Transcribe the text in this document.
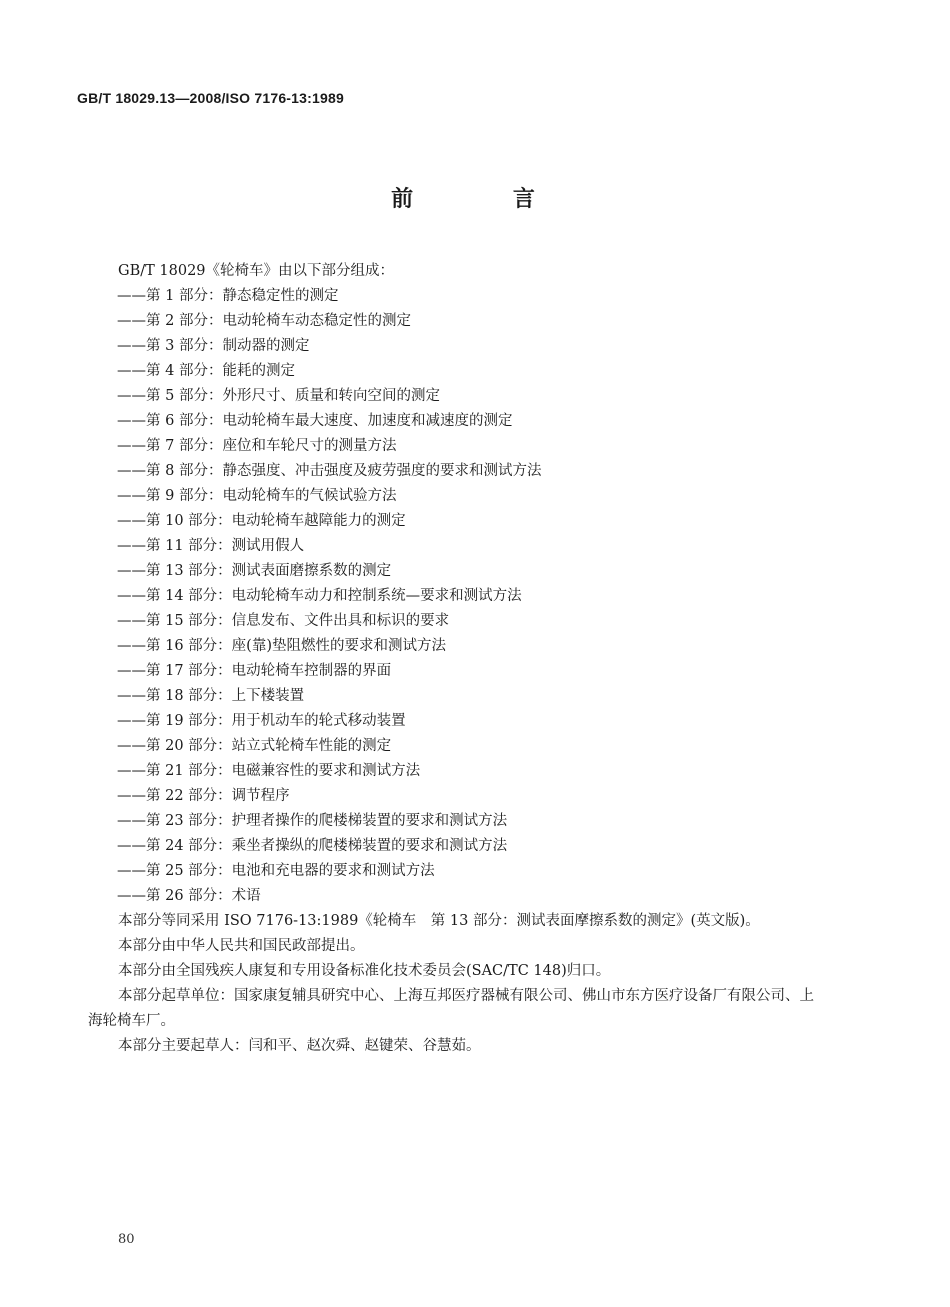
GB/T 18029.13—2008/ISO 7176-13:1989
前 言
GB/T 18029《轮椅车》由以下部分组成：
——第 1 部分：静态稳定性的测定
——第 2 部分：电动轮椅车动态稳定性的测定
——第 3 部分：制动器的测定
——第 4 部分：能耗的测定
——第 5 部分：外形尺寸、质量和转向空间的测定
——第 6 部分：电动轮椅车最大速度、加速度和减速度的测定
——第 7 部分：座位和车轮尺寸的测量方法
——第 8 部分：静态强度、冲击强度及疲劳强度的要求和测试方法
——第 9 部分：电动轮椅车的气候试验方法
——第 10 部分：电动轮椅车越障能力的测定
——第 11 部分：测试用假人
——第 13 部分：测试表面磨擦系数的测定
——第 14 部分：电动轮椅车动力和控制系统—要求和测试方法
——第 15 部分：信息发布、文件出具和标识的要求
——第 16 部分：座(靠)垫阻燃性的要求和测试方法
——第 17 部分：电动轮椅车控制器的界面
——第 18 部分：上下楼装置
——第 19 部分：用于机动车的轮式移动装置
——第 20 部分：站立式轮椅车性能的测定
——第 21 部分：电磁兼容性的要求和测试方法
——第 22 部分：调节程序
——第 23 部分：护理者操作的爬楼梯装置的要求和测试方法
——第 24 部分：乘坐者操纵的爬楼梯装置的要求和测试方法
——第 25 部分：电池和充电器的要求和测试方法
——第 26 部分：术语
本部分等同采用 ISO 7176-13:1989《轮椅车　第 13 部分：测试表面摩擦系数的测定》(英文版)。
本部分由中华人民共和国民政部提出。
本部分由全国残疾人康复和专用设备标准化技术委员会(SAC/TC 148)归口。
本部分起草单位：国家康复辅具研究中心、上海互邦医疗器械有限公司、佛山市东方医疗设备厂有限公司、上海轮椅车厂。
本部分主要起草人：闫和平、赵次舜、赵键荣、谷慧茹。
80
